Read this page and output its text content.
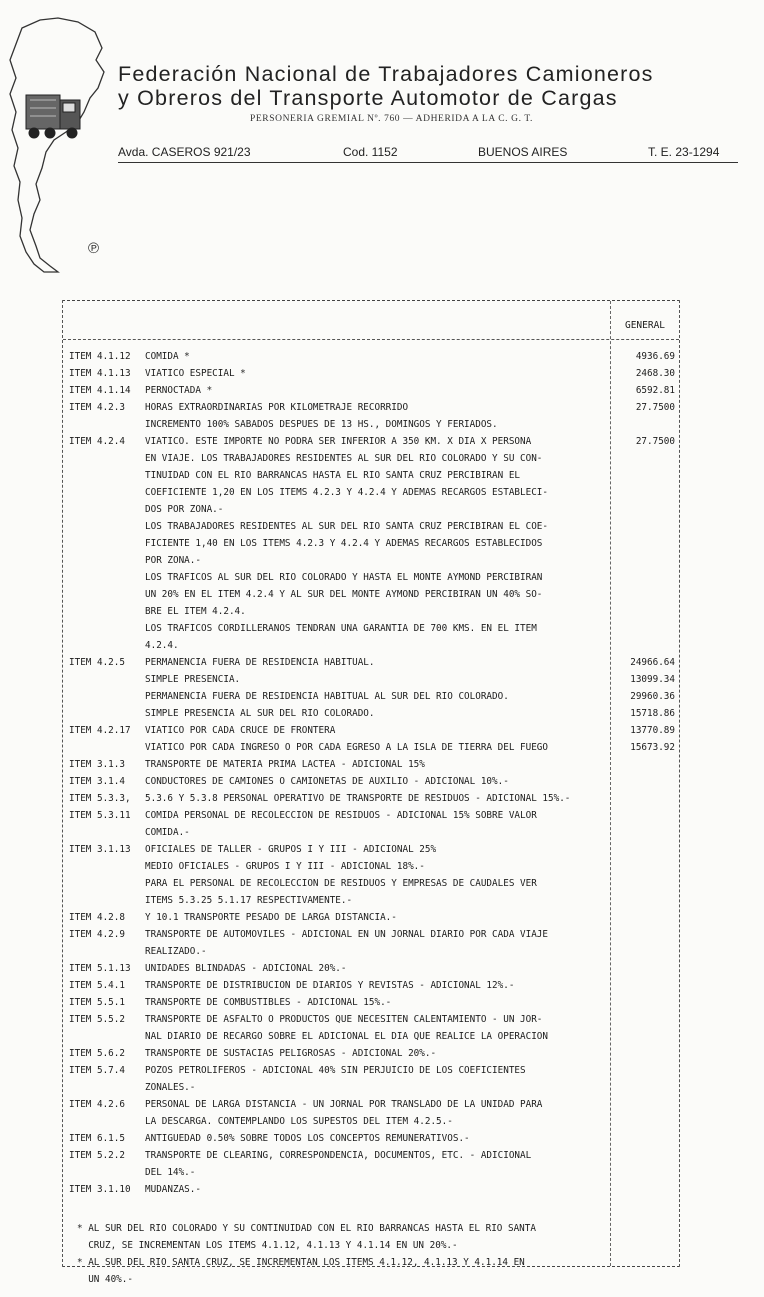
Federación Nacional de Trabajadores Camioneros
y Obreros del Transporte Automotor de Cargas
PERSONERIA GREMIAL Nº. 760 — ADHERIDA A LA C. G. T.
Avda. CASEROS 921/23	Cod. 1152	BUENOS AIRES	T. E. 23-1294
℗
GENERAL
ITEM 4.1.12 COMIDA *	4936.69
ITEM 4.1.13 VIATICO ESPECIAL *	2468.30
ITEM 4.1.14 PERNOCTADA *	6592.81
ITEM 4.2.3 HORAS EXTRAORDINARIAS POR KILOMETRAJE RECORRIDO	27.7500
INCREMENTO 100% SABADOS DESPUES DE 13 HS., DOMINGOS Y FERIADOS.
ITEM 4.2.4 VIATICO. ESTE IMPORTE NO PODRA SER INFERIOR A 350 KM. X DIA X PERSONA	27.7500
EN VIAJE. LOS TRABAJADORES RESIDENTES AL SUR DEL RIO COLORADO Y SU CON-
TINUIDAD CON EL RIO BARRANCAS HASTA EL RIO SANTA CRUZ PERCIBIRAN EL
COEFICIENTE 1,20 EN LOS ITEMS 4.2.3 Y 4.2.4 Y ADEMAS RECARGOS ESTABLECI-
DOS POR ZONA.-
LOS TRABAJADORES RESIDENTES AL SUR DEL RIO SANTA CRUZ PERCIBIRAN EL COE-
FICIENTE 1,40 EN LOS ITEMS 4.2.3 Y 4.2.4 Y ADEMAS RECARGOS ESTABLECIDOS
POR ZONA.-
LOS TRAFICOS AL SUR DEL RIO COLORADO Y HASTA EL MONTE AYMOND PERCIBIRAN
UN 20% EN EL ITEM 4.2.4 Y AL SUR DEL MONTE AYMOND PERCIBIRAN UN 40% SO-
BRE EL ITEM 4.2.4.
LOS TRAFICOS CORDILLERANOS TENDRAN UNA GARANTIA DE 700 KMS. EN EL ITEM
4.2.4.
ITEM 4.2.5 PERMANENCIA FUERA DE RESIDENCIA HABITUAL.	24966.64
SIMPLE PRESENCIA.	13099.34
PERMANENCIA FUERA DE RESIDENCIA HABITUAL AL SUR DEL RIO COLORADO.	29960.36
SIMPLE PRESENCIA AL SUR DEL RIO COLORADO.	15718.86
ITEM 4.2.17 VIATICO POR CADA CRUCE DE FRONTERA	13770.89
VIATICO POR CADA INGRESO O POR CADA EGRESO A LA ISLA DE TIERRA DEL FUEGO	15673.92
ITEM 3.1.3 TRANSPORTE DE MATERIA PRIMA LACTEA - ADICIONAL 15%
ITEM 3.1.4 CONDUCTORES DE CAMIONES O CAMIONETAS DE AUXILIO - ADICIONAL 10%.-
ITEM 5.3.3, 5.3.6 Y 5.3.8 PERSONAL OPERATIVO DE TRANSPORTE DE RESIDUOS - ADICIONAL 15%.-
ITEM 5.3.11 COMIDA PERSONAL DE RECOLECCION DE RESIDUOS - ADICIONAL 15% SOBRE VALOR
COMIDA.-
ITEM 3.1.13 OFICIALES DE TALLER - GRUPOS I Y III - ADICIONAL 25%
MEDIO OFICIALES - GRUPOS I Y III - ADICIONAL 18%.-
PARA EL PERSONAL DE RECOLECCION DE RESIDUOS Y EMPRESAS DE CAUDALES VER
ITEMS 5.3.25 5.1.17 RESPECTIVAMENTE.-
ITEM 4.2.8 Y 10.1 TRANSPORTE PESADO DE LARGA DISTANCIA.-
ITEM 4.2.9 TRANSPORTE DE AUTOMOVILES - ADICIONAL EN UN JORNAL DIARIO POR CADA VIAJE
REALIZADO.-
ITEM 5.1.13 UNIDADES BLINDADAS - ADICIONAL 20%.-
ITEM 5.4.1 TRANSPORTE DE DISTRIBUCION DE DIARIOS Y REVISTAS - ADICIONAL 12%.-
ITEM 5.5.1 TRANSPORTE DE COMBUSTIBLES - ADICIONAL 15%.-
ITEM 5.5.2 TRANSPORTE DE ASFALTO O PRODUCTOS QUE NECESITEN CALENTAMIENTO - UN JOR-
NAL DIARIO DE RECARGO SOBRE EL ADICIONAL EL DIA QUE REALICE LA OPERACION
ITEM 5.6.2 TRANSPORTE DE SUSTACIAS PELIGROSAS - ADICIONAL 20%.-
ITEM 5.7.4 POZOS PETROLIFEROS - ADICIONAL 40% SIN PERJUICIO DE LOS COEFICIENTES
ZONALES.-
ITEM 4.2.6 PERSONAL DE LARGA DISTANCIA - UN JORNAL POR TRANSLADO DE LA UNIDAD PARA
LA DESCARGA. CONTEMPLANDO LOS SUPESTOS DEL ITEM 4.2.5.-
ITEM 6.1.5 ANTIGUEDAD 0.50% SOBRE TODOS LOS CONCEPTOS REMUNERATIVOS.-
ITEM 5.2.2 TRANSPORTE DE CLEARING, CORRESPONDENCIA, DOCUMENTOS, ETC. - ADICIONAL
DEL 14%.-
ITEM 3.1.10 MUDANZAS.-
* AL SUR DEL RIO COLORADO Y SU CONTINUIDAD CON EL RIO BARRANCAS HASTA EL RIO SANTA
CRUZ, SE INCREMENTAN LOS ITEMS 4.1.12, 4.1.13 Y 4.1.14 EN UN 20%.-
* AL SUR DEL RIO SANTA CRUZ, SE INCREMENTAN LOS ITEMS 4.1.12, 4.1.13 Y 4.1.14 EN
UN 40%.-
